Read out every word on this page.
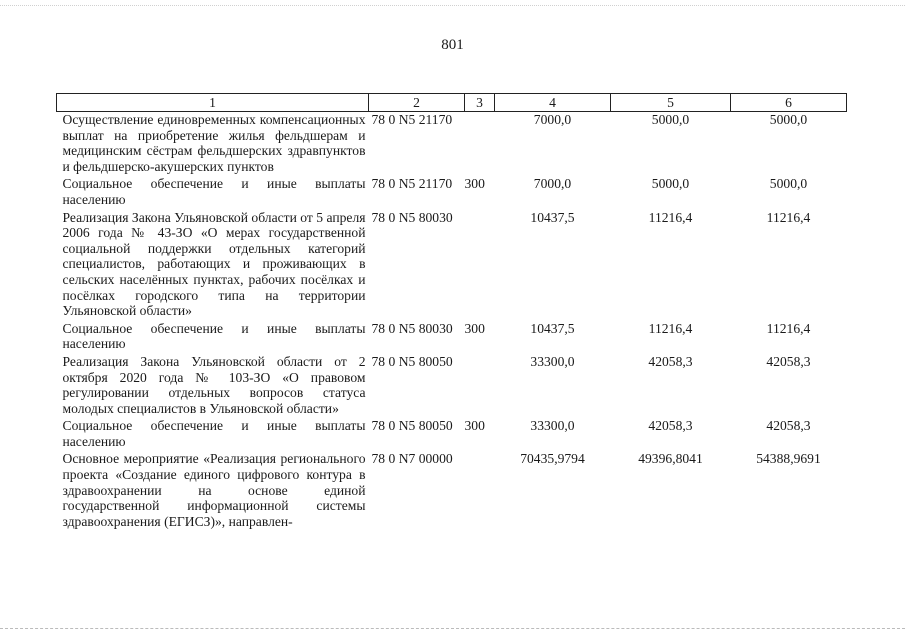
801
1	2	3	4	5	6
Осуществление единовременных компенсационных выплат на приобретение жилья фельдшерам и медицинским сёстрам фельдшерских здравпунктов и фельдшерско-акушерских пунктов	78 0 N5 21170		7000,0	5000,0	5000,0
Социальное обеспечение и иные выплаты населению	78 0 N5 21170	300	7000,0	5000,0	5000,0
Реализация Закона Ульяновской области от 5 апреля 2006 года № 43-ЗО «О мерах государственной социальной поддержки отдельных категорий специалистов, работающих и проживающих в сельских населённых пунктах, рабочих посёлках и посёлках городского типа на территории Ульяновской области»	78 0 N5 80030		10437,5	11216,4	11216,4
Социальное обеспечение и иные выплаты населению	78 0 N5 80030	300	10437,5	11216,4	11216,4
Реализация Закона Ульяновской области от 2 октября 2020 года № 103-ЗО «О правовом регулировании отдельных вопросов статуса молодых специалистов в Ульяновской области»	78 0 N5 80050		33300,0	42058,3	42058,3
Социальное обеспечение и иные выплаты населению	78 0 N5 80050	300	33300,0	42058,3	42058,3
Основное мероприятие «Реализация регионального проекта «Создание единого цифрового контура в здравоохранении на основе единой государственной информационной системы здравоохранения (ЕГИСЗ)», направлен-	78 0 N7 00000		70435,9794	49396,8041	54388,9691
